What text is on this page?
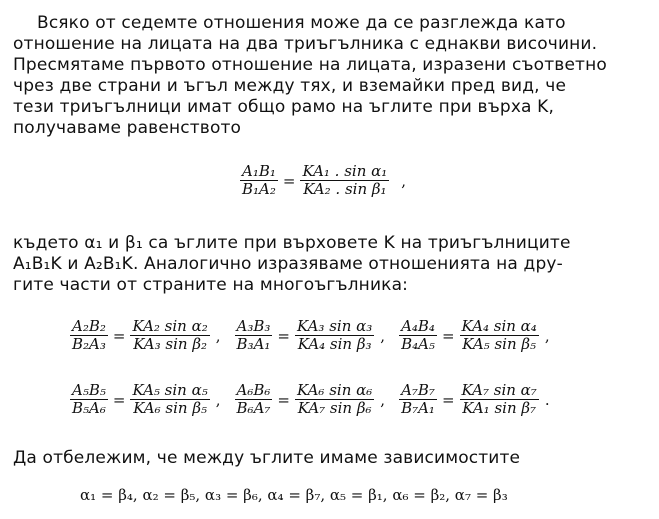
Всяко от седемте отношения може да се разглежда като
отношение на лицата на два триъгълника с еднакви височини.
Пресмятаме първото отношение на лицата, изразени съответно
чрез две страни и ъгъл между тях, и вземайки пред вид, че
тези триъгълници имат общо рамо на ъглите при върха K,
получаваме равенството
$\frac{\text{A₁B₁}}{\text{B₁A₂}} = \frac{\text{KA₁ . sin α₁}}{\text{KA₂ . sin β₁}}$ ,
където α₁ и β₁ са ъглите при върховете K на триъгълниците
A₁B₁K и A₂B₁K. Аналогично изразяваме отношенията на дру-
гите части от страните на многоъгълника:
$\frac{\text{A₂B₂}}{\text{B₂A₃}} = \frac{\text{KA₂ sin α₂}}{\text{KA₃ sin β₂}}$ , $\frac{\text{A₃B₃}}{\text{B₃A₁}} = \frac{\text{KA₃ sin α₃}}{\text{KA₄ sin β₃}}$ , $\frac{\text{A₄B₄}}{\text{B₄A₅}} = \frac{\text{KA₄ sin α₄}}{\text{KA₅ sin β₅}}$ ,
$\frac{\text{A₅B₅}}{\text{B₅A₆}} = \frac{\text{KA₅ sin α₅}}{\text{KA₆ sin β₅}}$ , $\frac{\text{A₆B₆}}{\text{B₆A₇}} = \frac{\text{KA₆ sin α₆}}{\text{KA₇ sin β₆}}$ , $\frac{\text{A₇B₇}}{\text{B₇A₁}} = \frac{\text{KA₇ sin α₇}}{\text{KA₁ sin β₇}}$ .
Да отбележим, че между ъглите имаме зависимостите
α₁ = β₄, α₂ = β₅, α₃ = β₆, α₄ = β₇, α₅ = β₁, α₆ = β₂, α₇ = β₃
